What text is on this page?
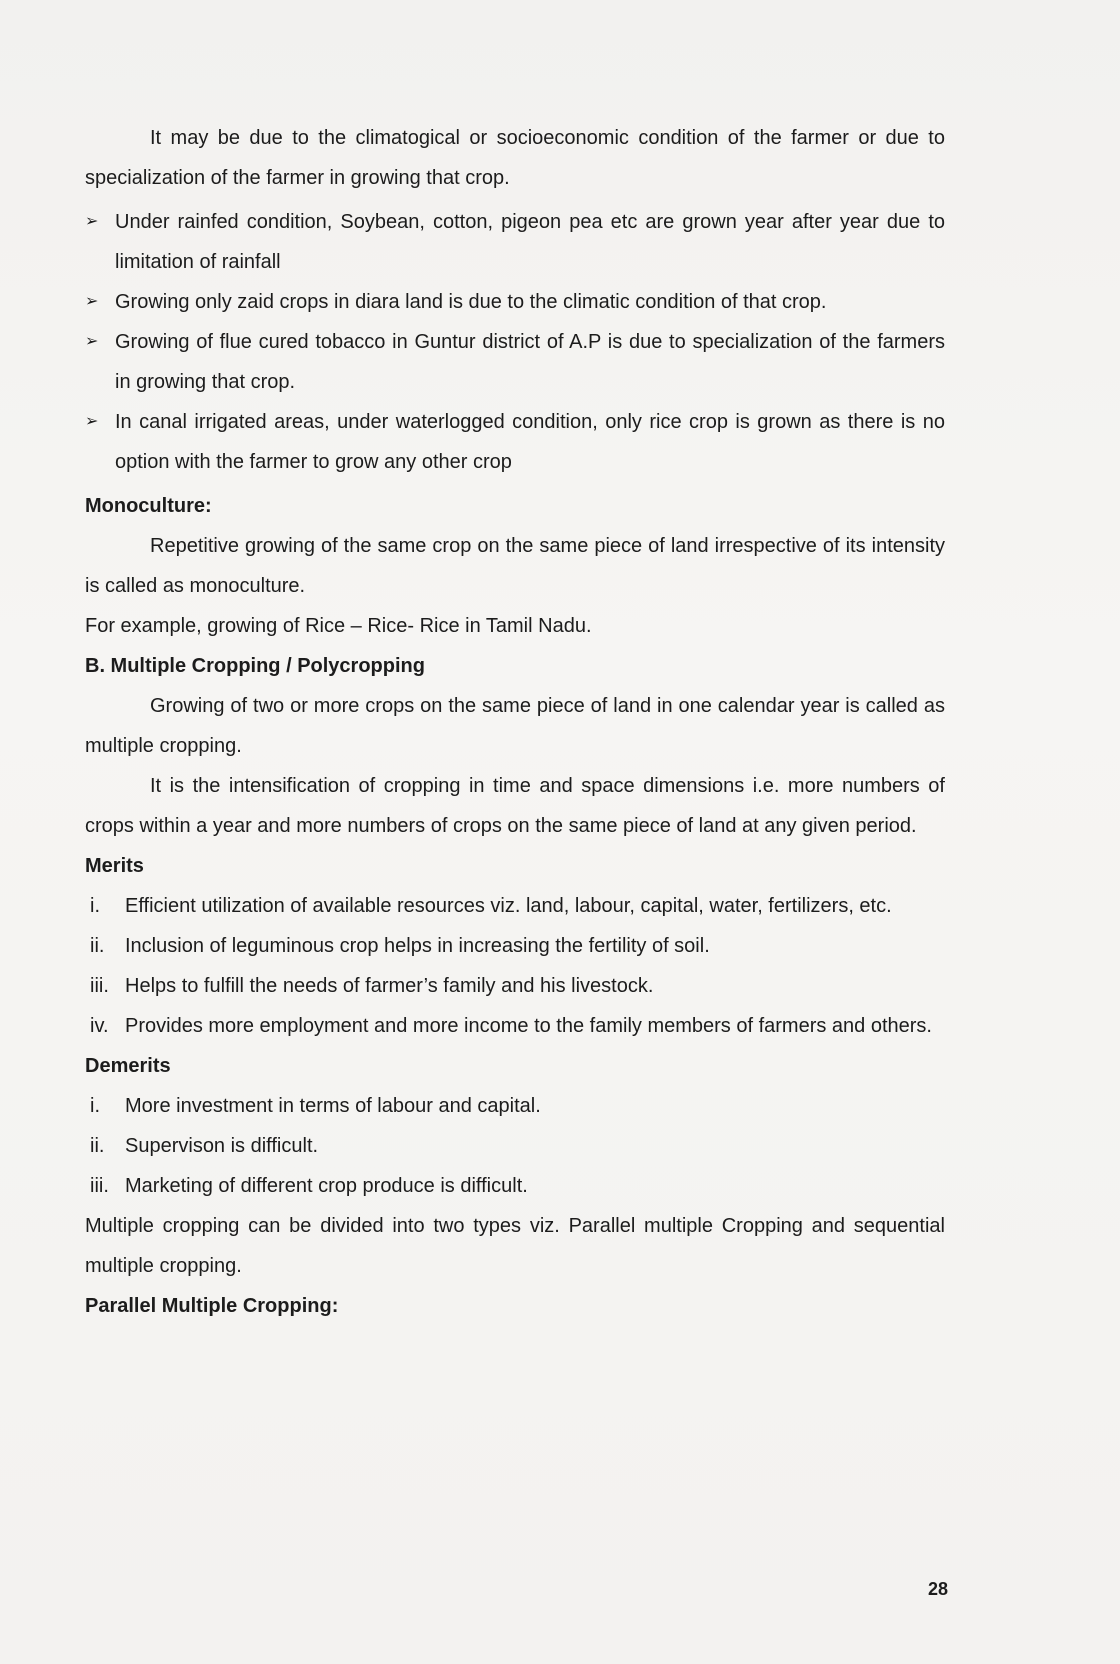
It may be due to the climatogical or socioeconomic condition of the farmer or due to specialization of the farmer in growing that crop.

➢ Under rainfed condition, Soybean, cotton, pigeon pea etc are grown year after year due to limitation of rainfall
➢ Growing only zaid crops in diara land is due to the climatic condition of that crop.
➢ Growing of flue cured tobacco in Guntur district of A.P is due to specialization of the farmers in growing that crop.
➢ In canal irrigated areas, under waterlogged condition, only rice crop is grown as there is no option with the farmer to grow any other crop

Monoculture:

Repetitive growing of the same crop on the same piece of land irrespective of its intensity is called as monoculture.

For example, growing of Rice – Rice- Rice in Tamil Nadu.

B. Multiple Cropping / Polycropping

Growing of two or more crops on the same piece of land in one calendar year is called as multiple cropping.

It is the intensification of cropping in time and space dimensions i.e. more numbers of crops within a year and more numbers of crops on the same piece of land at any given period.

Merits

i. Efficient utilization of available resources viz. land, labour, capital, water, fertilizers, etc.
ii. Inclusion of leguminous crop helps in increasing the fertility of soil.
iii. Helps to fulfill the needs of farmer’s family and his livestock.
iv. Provides more employment and more income to the family members of farmers and others.

Demerits

i. More investment in terms of labour and capital.
ii. Supervison is difficult.
iii. Marketing of different crop produce is difficult.

Multiple cropping can be divided into two types viz. Parallel multiple Cropping and sequential multiple cropping.

Parallel Multiple Cropping:

28
